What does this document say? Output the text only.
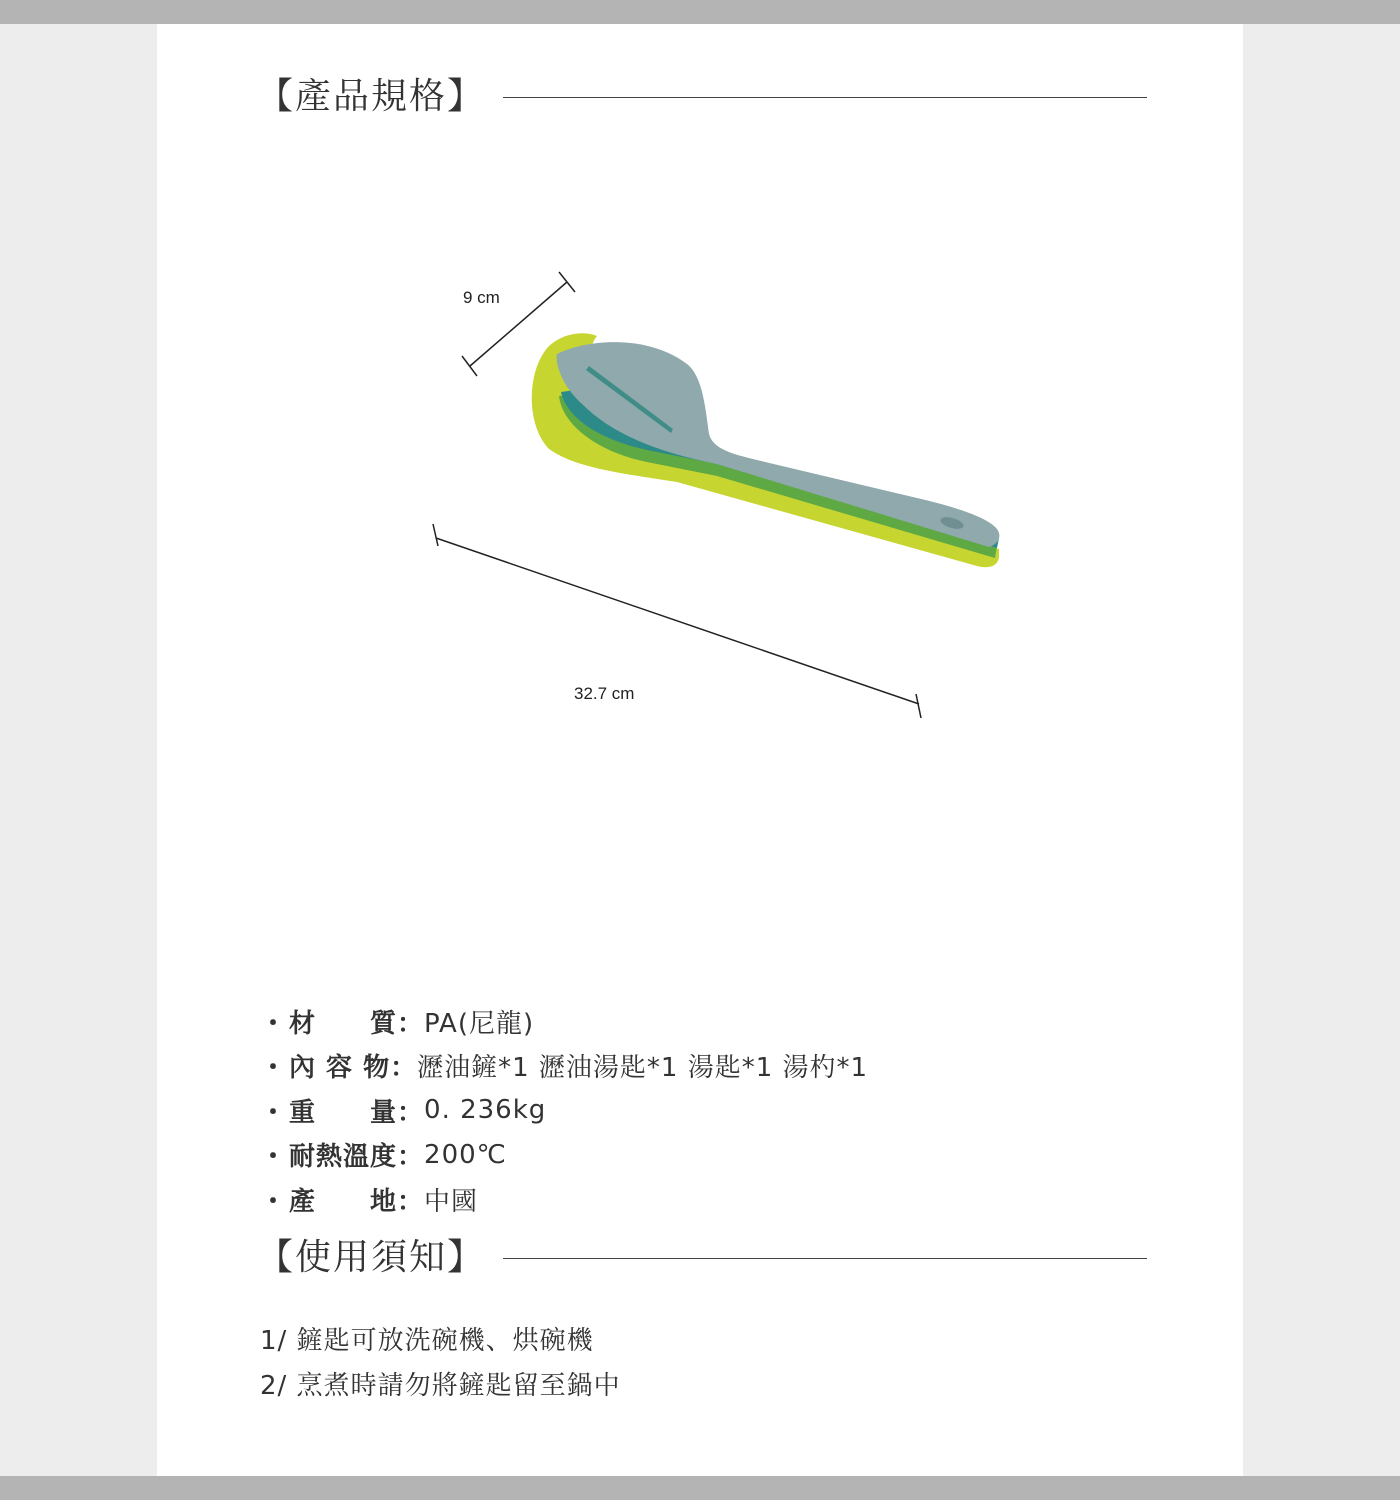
【產品規格】
9 cm
32.7 cm
・ 材　　質 ： PA(尼龍)
・ 內 容 物 ： 瀝油鏟*1 瀝油湯匙*1 湯匙*1 湯杓*1
・ 重　　量 ： 0. 236kg
・ 耐熱溫度 ： 200℃
・ 產　　地 ： 中國
【使用須知】
1/ 鏟匙可放洗碗機、烘碗機
2/ 烹煮時請勿將鏟匙留至鍋中
